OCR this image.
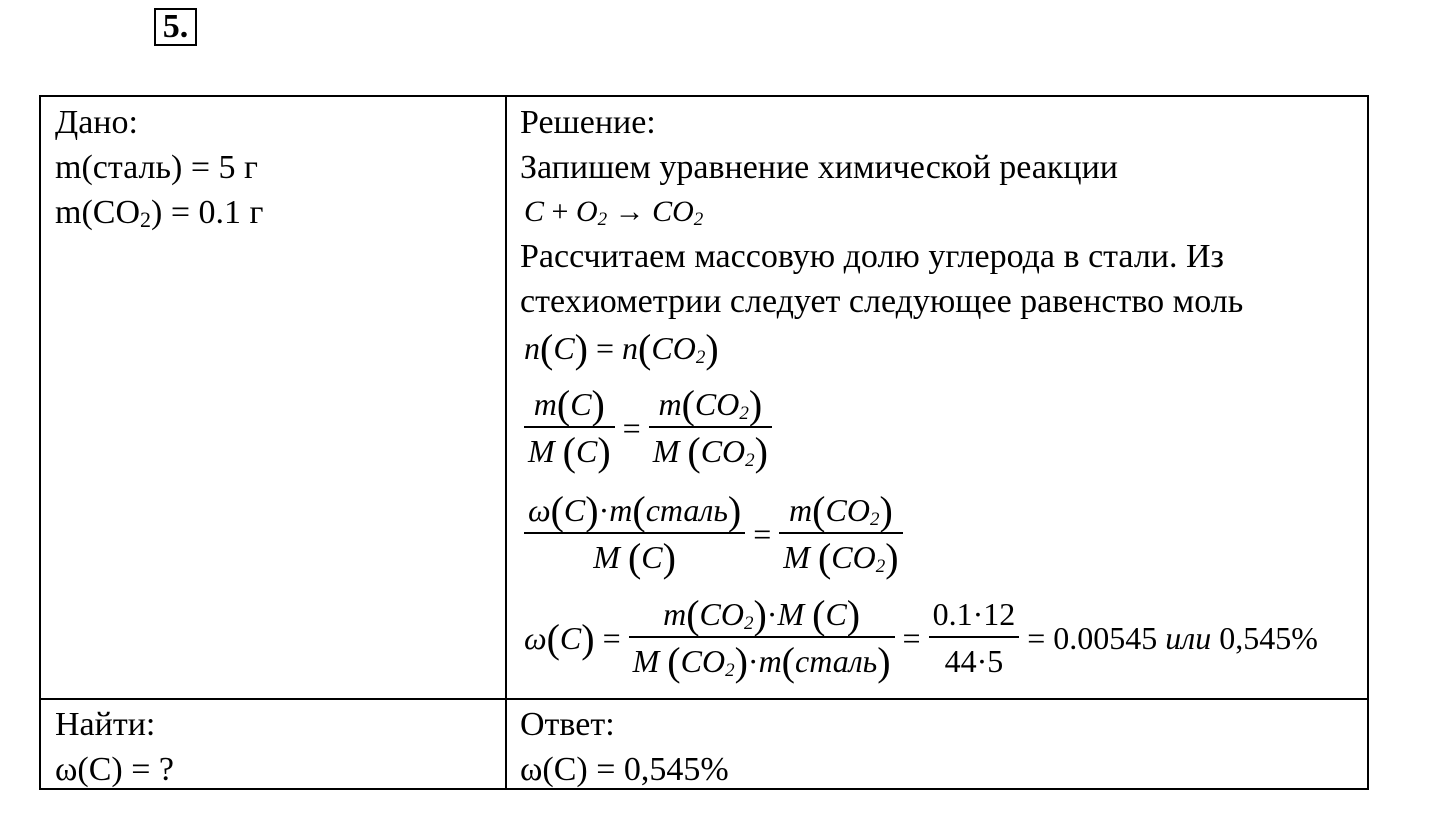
5.
Дано:
m(сталь) = 5 г
$m(CO_2) = 0.1$ г
Решение:
Запишем уравнение химической реакции
$C + O_2 \to CO_2$
Рассчитаем массовую долю углерода в стали. Из
стехиометрии следует следующее равенство моль
$n(C) = n(CO_2)$
$\frac{m(C)}{M (C)} = \frac{m(CO_2)}{M (CO_2)}$
$\frac{\text{ω(C)·m(сталь)}}{M (C)} = \frac{m(CO_2)}{M (CO_2)}$
$\omega(C) = \frac{m(CO_2)\cdot M (C)}{M (CO_2)\cdot m(сталь)} = \frac{0.1\cdot 12}{44\cdot 5} = 0.00545$ или 0,545%
Найти:
ω(C) = ?
Ответ:
ω(C) = 0,545%
